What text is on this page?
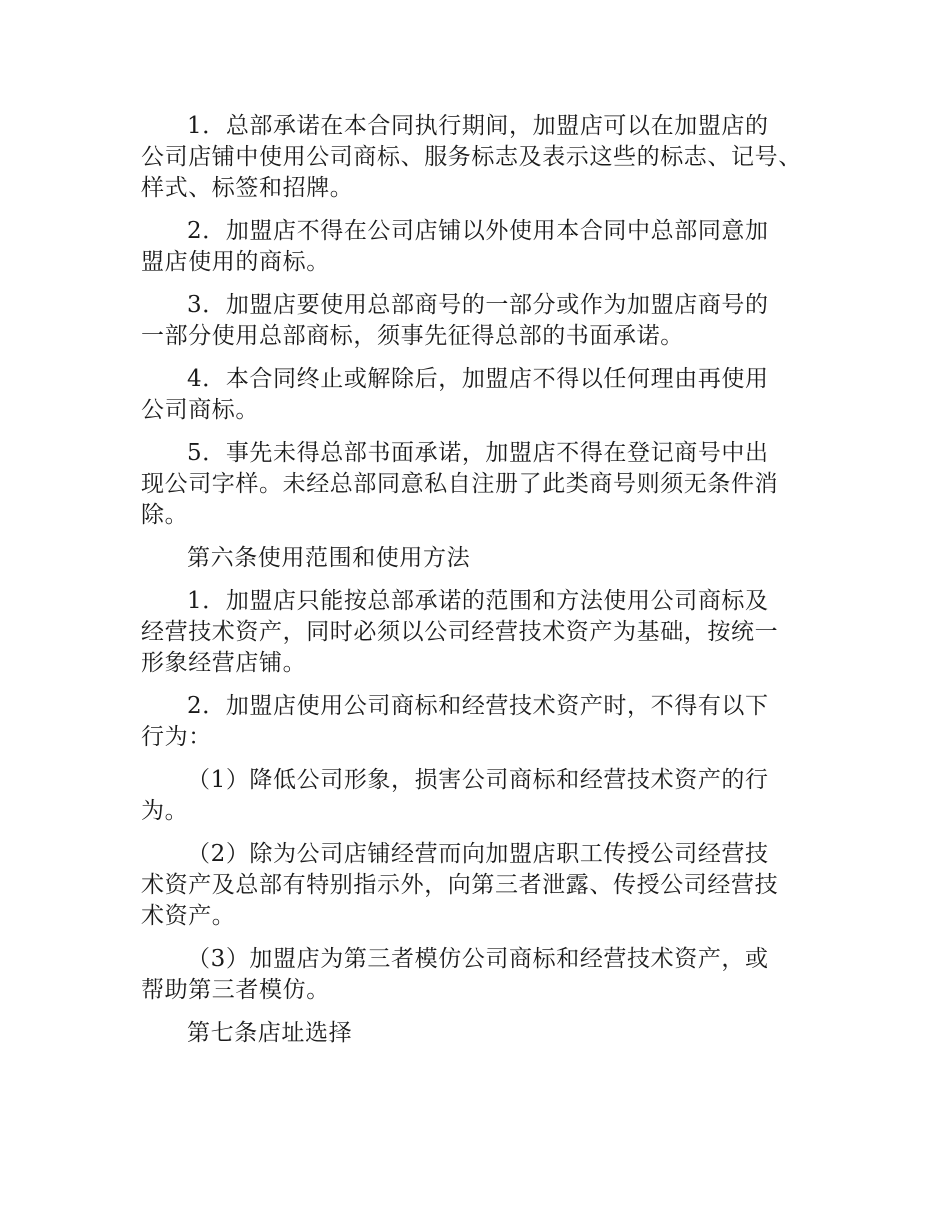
1．总部承诺在本合同执行期间，加盟店可以在加盟店的
公司店铺中使用公司商标、服务标志及表示这些的标志、记号、
样式、标签和招牌。

2．加盟店不得在公司店铺以外使用本合同中总部同意加
盟店使用的商标。

3．加盟店要使用总部商号的一部分或作为加盟店商号的
一部分使用总部商标，须事先征得总部的书面承诺。

4．本合同终止或解除后，加盟店不得以任何理由再使用
公司商标。

5．事先未得总部书面承诺，加盟店不得在登记商号中出
现公司字样。未经总部同意私自注册了此类商号则须无条件消
除。

第六条使用范围和使用方法

1．加盟店只能按总部承诺的范围和方法使用公司商标及
经营技术资产，同时必须以公司经营技术资产为基础，按统一
形象经营店铺。

2．加盟店使用公司商标和经营技术资产时，不得有以下
行为：

（1）降低公司形象，损害公司商标和经营技术资产的行
为。

（2）除为公司店铺经营而向加盟店职工传授公司经营技
术资产及总部有特别指示外，向第三者泄露、传授公司经营技
术资产。

（3）加盟店为第三者模仿公司商标和经营技术资产，或
帮助第三者模仿。

第七条店址选择
